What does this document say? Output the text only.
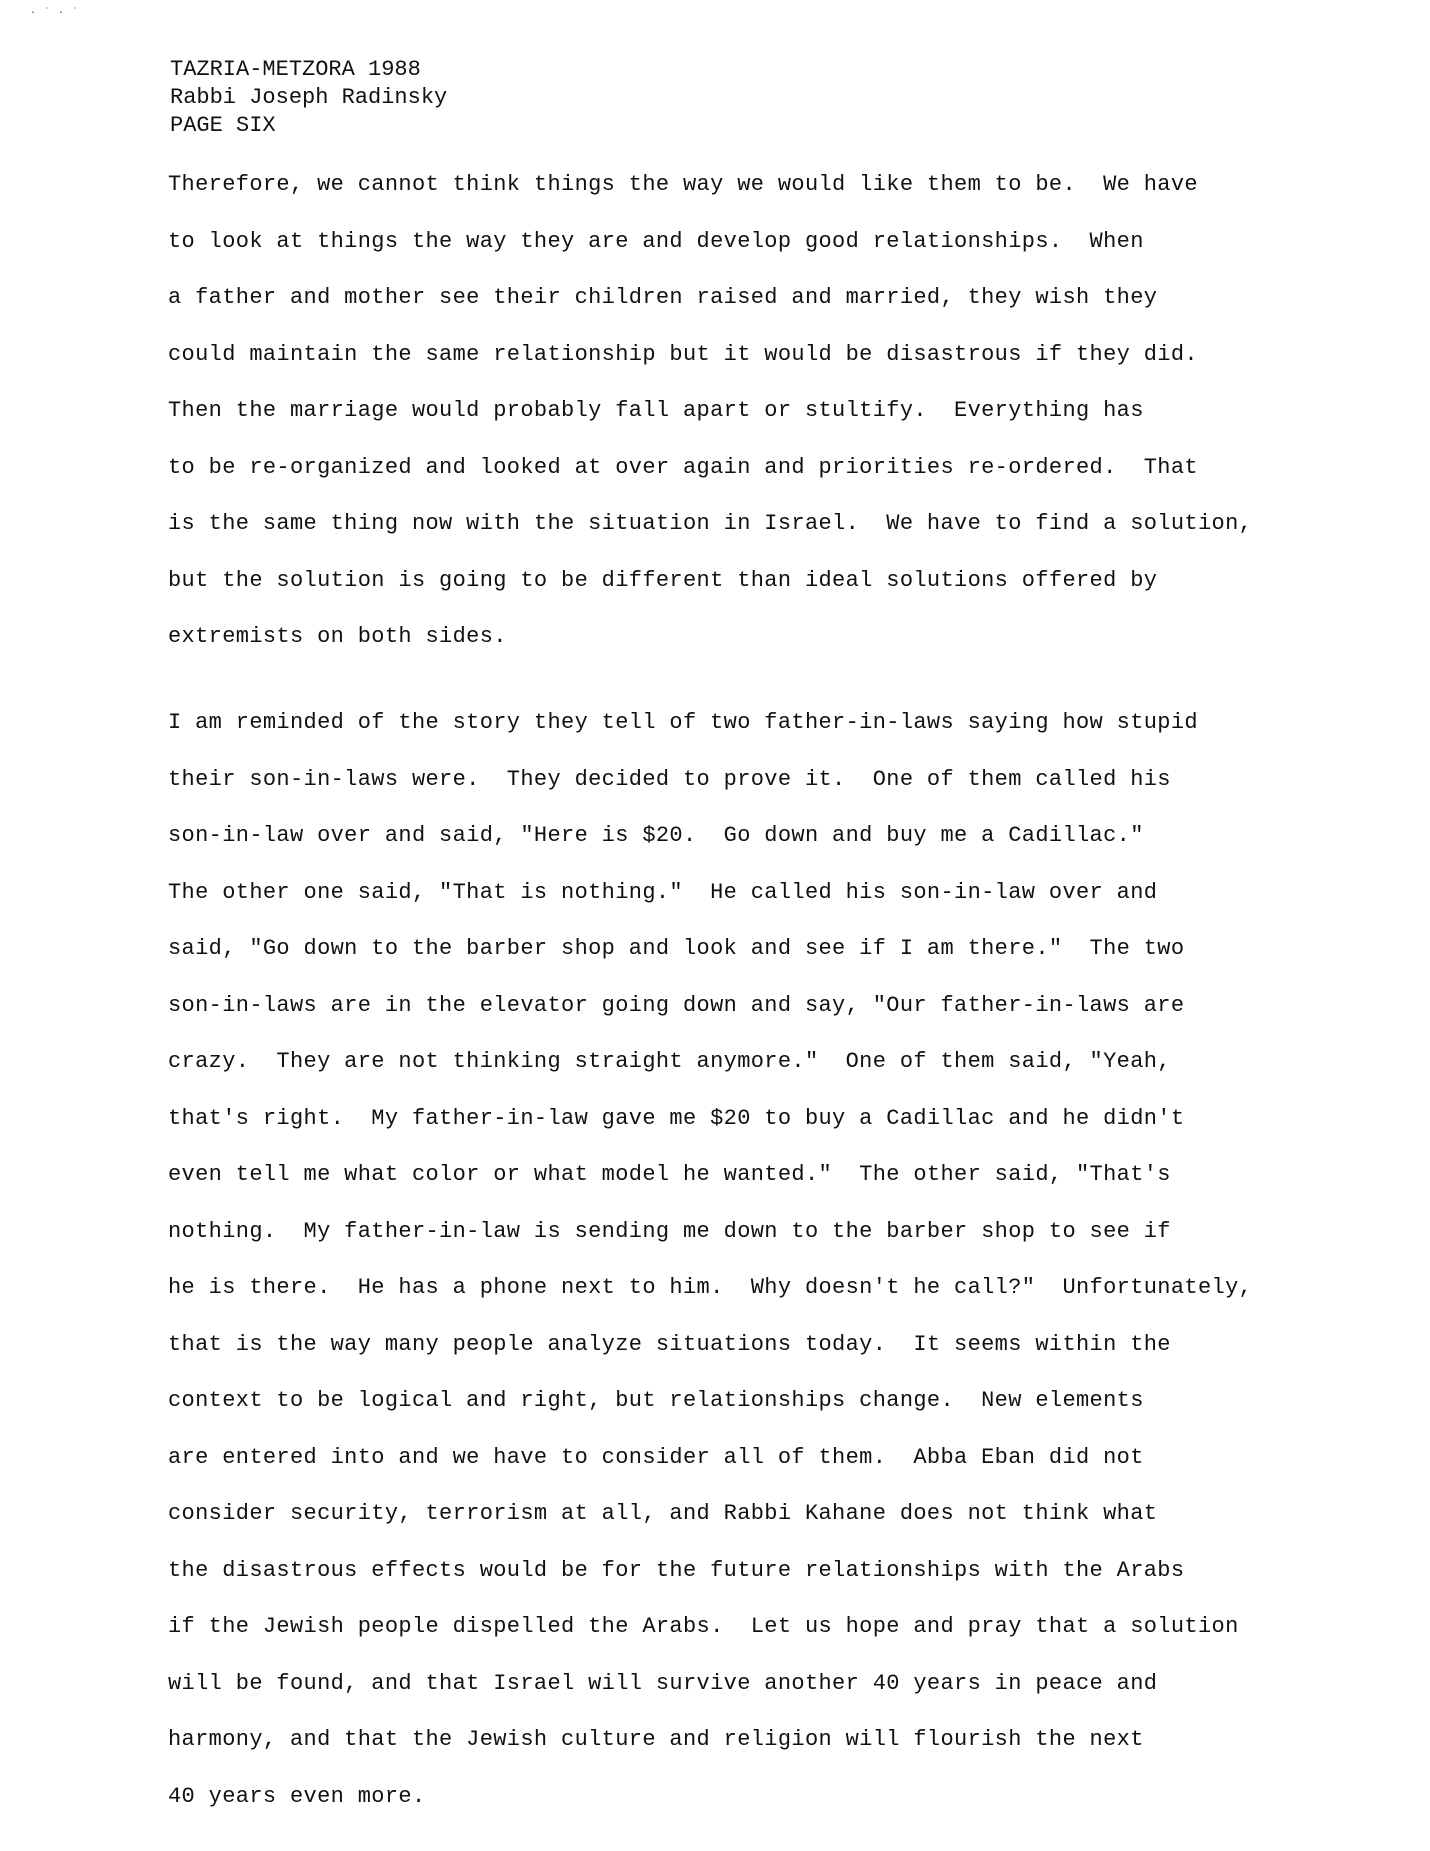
·˙·˙
TAZRIA-METZORA 1988
Rabbi Joseph Radinsky
PAGE SIX
Therefore, we cannot think things the way we would like them to be.  We have
to look at things the way they are and develop good relationships.  When
a father and mother see their children raised and married, they wish they
could maintain the same relationship but it would be disastrous if they did.
Then the marriage would probably fall apart or stultify.  Everything has
to be re-organized and looked at over again and priorities re-ordered.  That
is the same thing now with the situation in Israel.  We have to find a solution,
but the solution is going to be different than ideal solutions offered by
extremists on both sides.
I am reminded of the story they tell of two father-in-laws saying how stupid
their son-in-laws were.  They decided to prove it.  One of them called his
son-in-law over and said, "Here is $20.  Go down and buy me a Cadillac."
The other one said, "That is nothing."  He called his son-in-law over and
said, "Go down to the barber shop and look and see if I am there."  The two
son-in-laws are in the elevator going down and say, "Our father-in-laws are
crazy.  They are not thinking straight anymore."  One of them said, "Yeah,
that's right.  My father-in-law gave me $20 to buy a Cadillac and he didn't
even tell me what color or what model he wanted."  The other said, "That's
nothing.  My father-in-law is sending me down to the barber shop to see if
he is there.  He has a phone next to him.  Why doesn't he call?"  Unfortunately,
that is the way many people analyze situations today.  It seems within the
context to be logical and right, but relationships change.  New elements
are entered into and we have to consider all of them.  Abba Eban did not
consider security, terrorism at all, and Rabbi Kahane does not think what
the disastrous effects would be for the future relationships with the Arabs
if the Jewish people dispelled the Arabs.  Let us hope and pray that a solution
will be found, and that Israel will survive another 40 years in peace and
harmony, and that the Jewish culture and religion will flourish the next
40 years even more.
